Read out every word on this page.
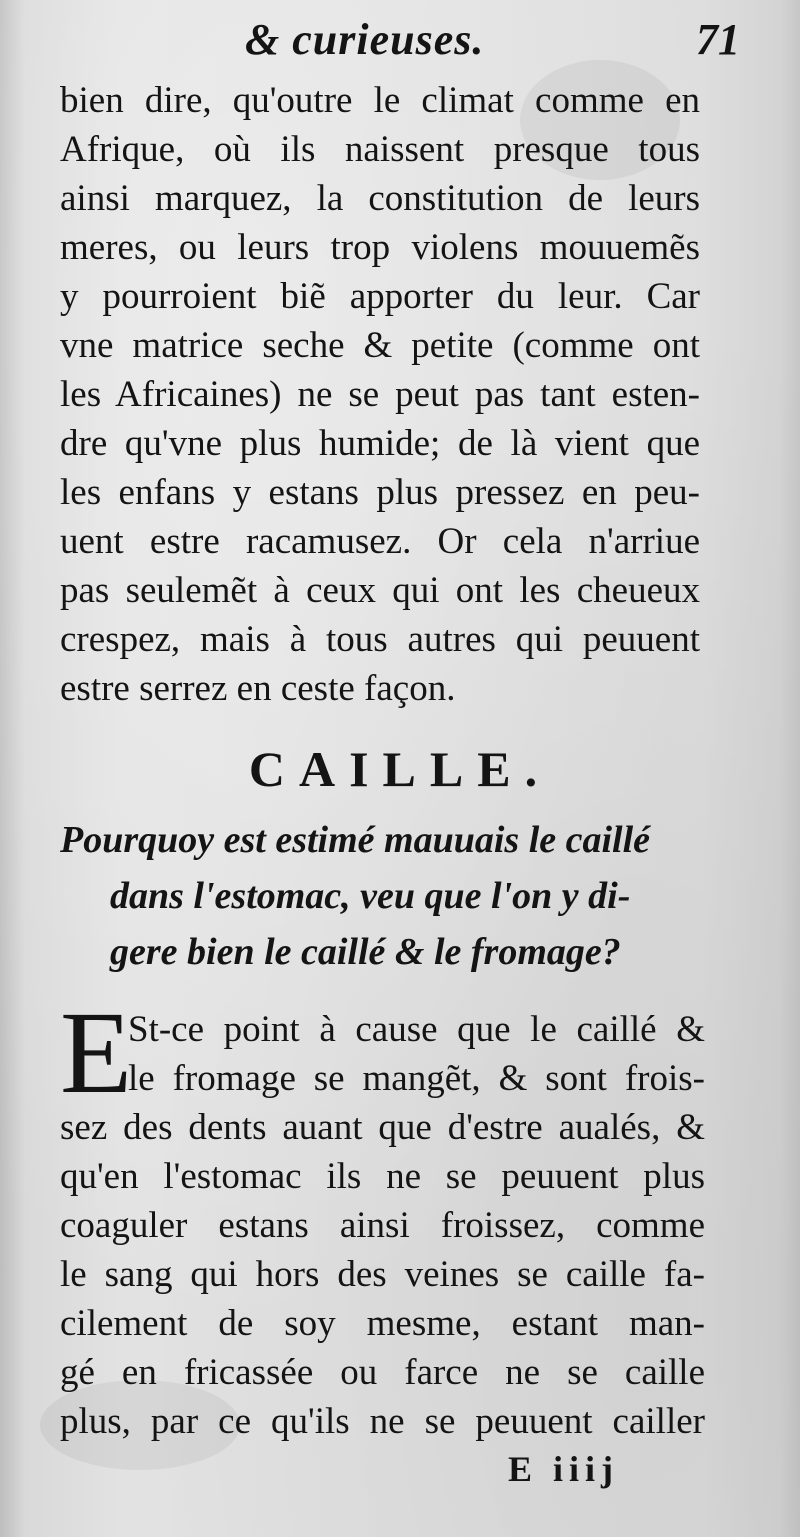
& curieuses.	71
bien dire, qu'outre le climat comme en
Afrique, où ils naissent presque tous
ainsi marquez, la constitution de leurs
meres, ou leurs trop violens mouuemẽs
y pourroient biẽ apporter du leur. Car
vne matrice seche & petite (comme ont
les Africaines) ne se peut pas tant esten-
dre qu'vne plus humide; de là vient que
les enfans y estans plus pressez en peu-
uent estre racamusez. Or cela n'arriue
pas seulemẽt à ceux qui ont les cheueux
crespez, mais à tous autres qui peuuent
estre serrez en ceste façon.
CAILLE.
Pourquoy est estimé mauuais le caillé
dans l'estomac, veu que l'on y di-
gere bien le caillé & le fromage?
E
St-ce point à cause que le caillé &
le fromage se mangẽt, & sont frois-
sez des dents auant que d'estre aualés, &
qu'en l'estomac ils ne se peuuent plus
coaguler estans ainsi froissez, comme
le sang qui hors des veines se caille fa-
cilement de soy mesme, estant man-
gé en fricassée ou farce ne se caille
plus, par ce qu'ils ne se peuuent cailler
E iiij
